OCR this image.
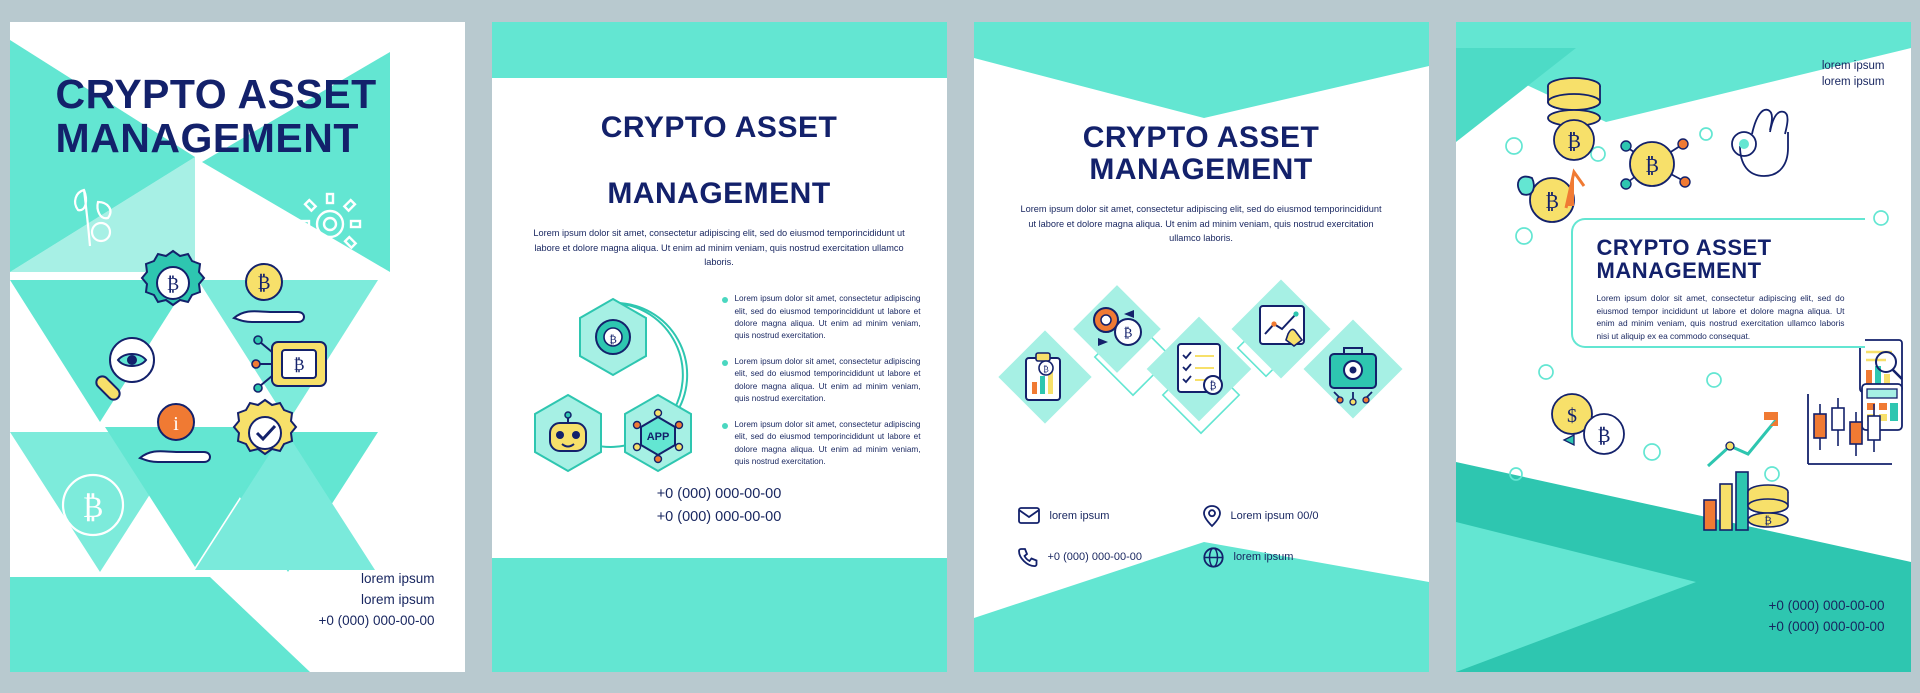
CRYPTO ASSET
MANAGEMENT
₿	₿
₿
i
₿
lorem ipsum
lorem ipsum
+0 (000) 000-00-00
CRYPTO ASSET
MANAGEMENT
Lorem ipsum dolor sit amet, consectetur adipiscing elit, sed do eiusmod temporincididunt ut labore et dolore magna aliqua. Ut enim ad minim veniam, quis nostrud exercitation ullamco laboris.
₿
APP
Lorem ipsum dolor sit amet, consectetur adipiscing elit, sed do eiusmod temporincididunt ut labore et dolore magna aliqua. Ut enim ad minim veniam, quis nostrud exercitation.
Lorem ipsum dolor sit amet, consectetur adipiscing elit, sed do eiusmod temporincididunt ut labore et dolore magna aliqua. Ut enim ad minim veniam, quis nostrud exercitation.
Lorem ipsum dolor sit amet, consectetur adipiscing elit, sed do eiusmod temporincididunt ut labore et dolore magna aliqua. Ut enim ad minim veniam, quis nostrud exercitation.
+0 (000) 000-00-00
+0 (000) 000-00-00
CRYPTO ASSET
MANAGEMENT
Lorem ipsum dolor sit amet, consectetur adipiscing elit, sed do eiusmod temporincididunt ut labore et dolore magna aliqua. Ut enim ad minim veniam, quis nostrud exercitation ullamco laboris.
₿
₿
₿
lorem ipsum	Lorem ipsum 00/0
+0 (000) 000-00-00	lorem ipsum
lorem ipsum
lorem ipsum
₿
₿
₿
$
₿
₿
CRYPTO ASSET
MANAGEMENT
Lorem ipsum dolor sit amet, consectetur adipiscing elit, sed do eiusmod tempor incididunt ut labore et dolore magna aliqua. Ut enim ad minim veniam, quis nostrud exercitation ullamco laboris nisi ut aliquip ex ea commodo consequat.
+0 (000) 000-00-00
+0 (000) 000-00-00
